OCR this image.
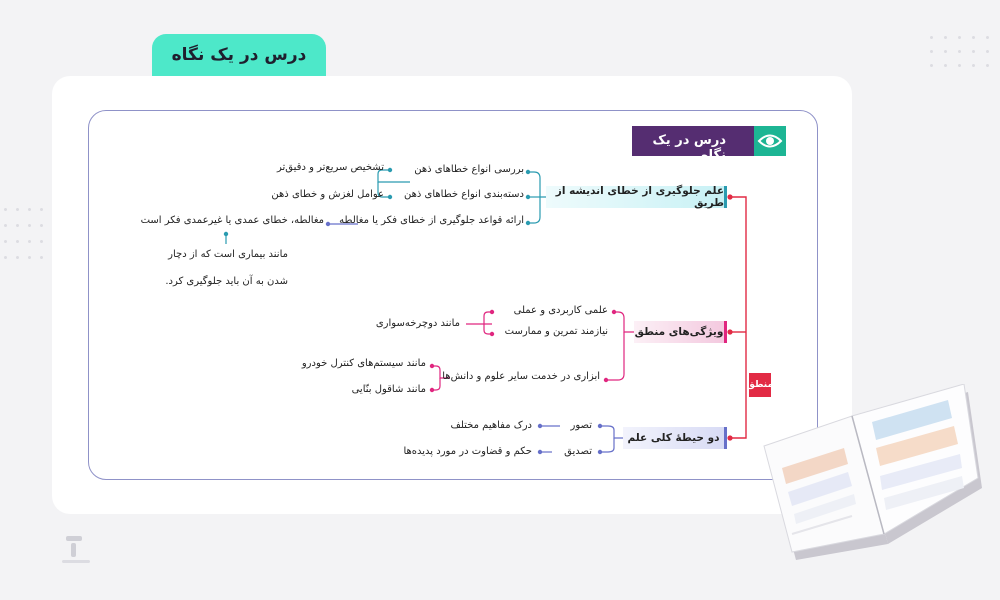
درس در یک نگاه
درس در یک نگاه
منطق
علم جلوگیری از خطای اندیشه از طریق
ویژگی‌های منطق
دو حیطهٔ کلی علم
بررسی انواع خطاهای ذهن
دسته‌بندی انواع خطاهای ذهن
ارائه قواعد جلوگیری از خطای فکر یا مغالطه
تشخیص سریع‌تر و دقیق‌تر
عوامل لغزش و خطای ذهن
مغالطه، خطای عمدی یا غیرعمدی فکر است
مانند بیماری است که از دچار
شدن به آن باید جلوگیری کرد.
علمی کاربردی و عملی
نیازمند تمرین و ممارست
مانند دوچرخه‌سواری
ابزاری در خدمت سایر علوم و دانش‌ها
مانند سیستم‌های کنترل خودرو
مانند شاقول بنّایی
تصور
تصدیق
درک مفاهیم مختلف
حکم و قضاوت در مورد پدیده‌ها
